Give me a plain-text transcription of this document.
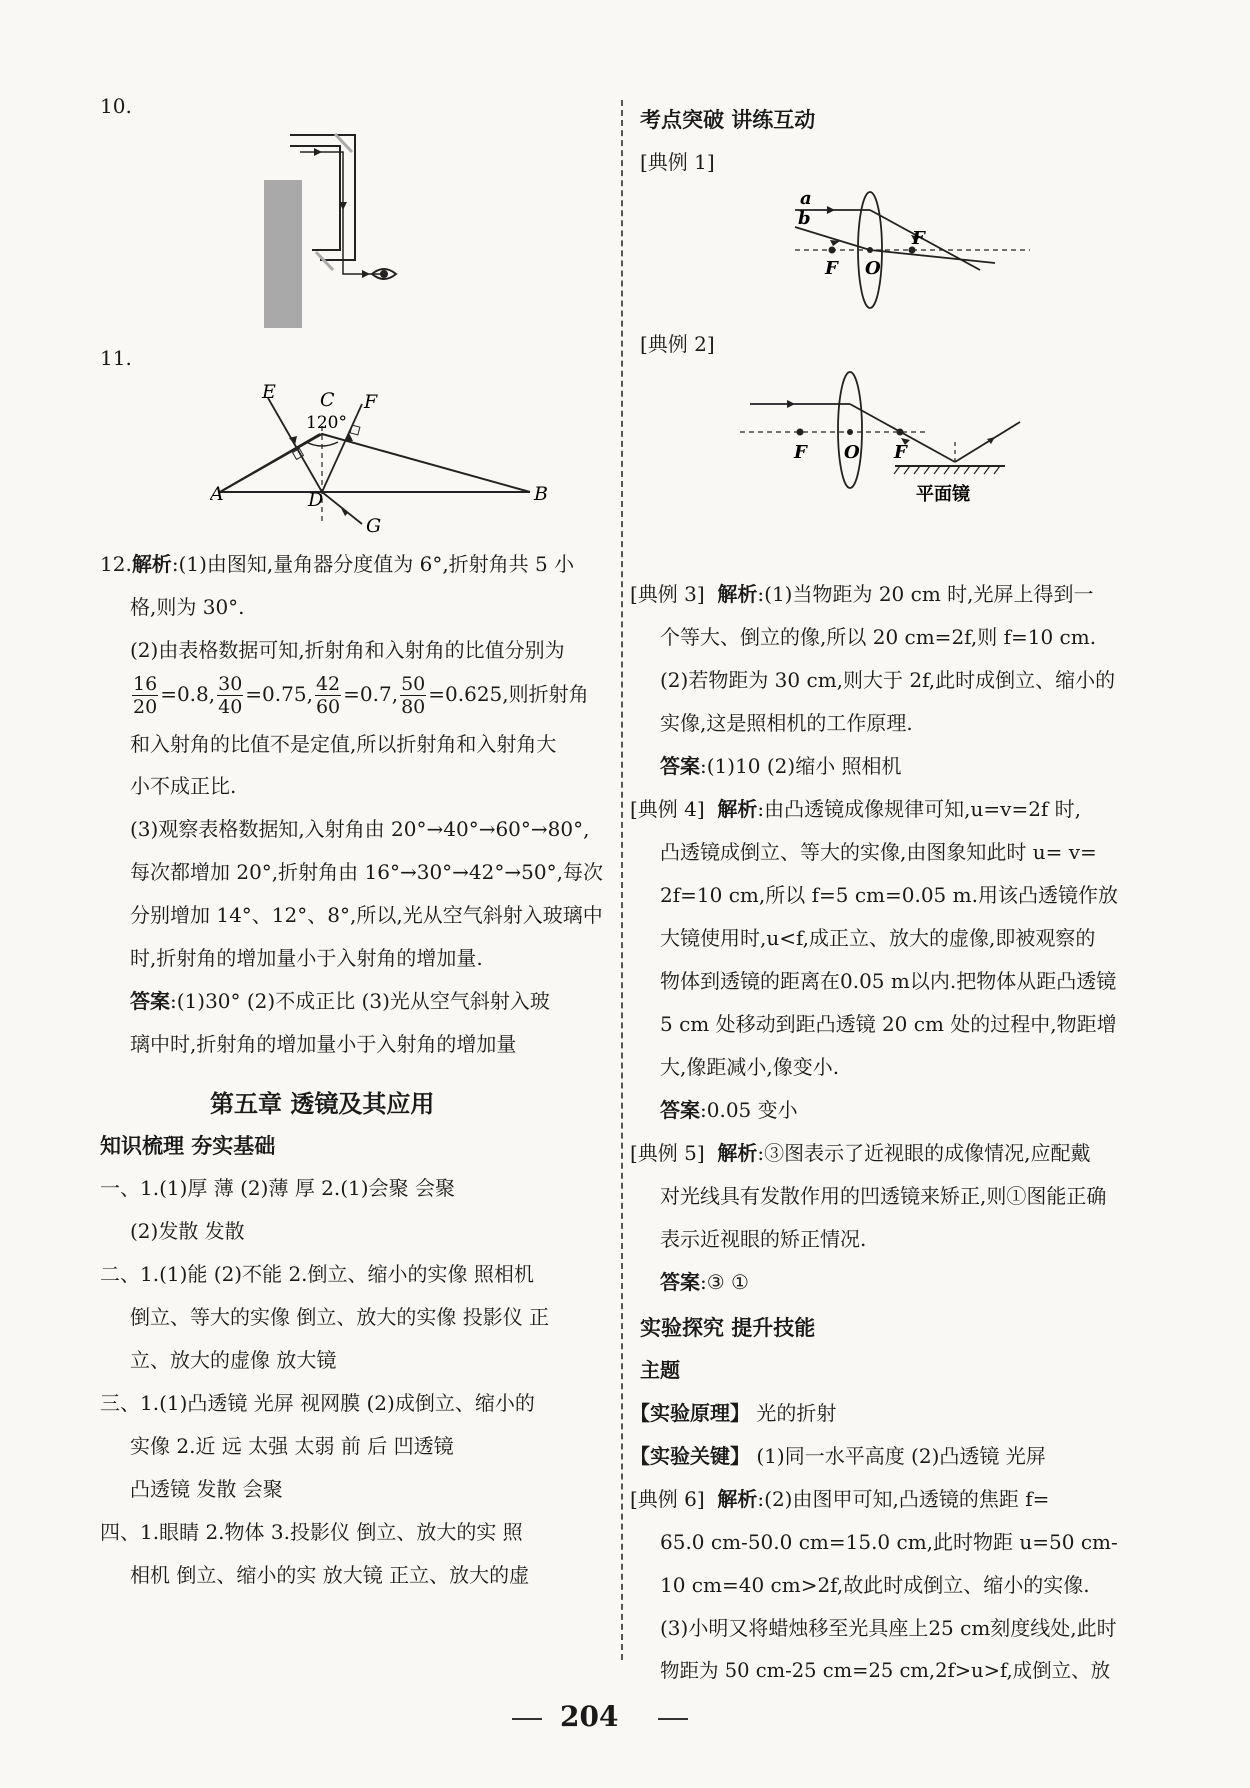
10.
11.
E C
120°
F
A	B
D
G
12.解析:(1)由图知,量角器分度值为 6°,折射角共 5 小
格,则为 30°.
(2)由表格数据可知,折射角和入射角的比值分别为
$\frac{16}{20} =0.8$, $\frac{30}{40} =0.75$, $\frac{42}{60} =0.7$, $\frac{50}{80} =0.625$,则折射角
和入射角的比值不是定值,所以折射角和入射角大
小不成正比.
(3)观察表格数据知,入射角由 20°→40°→60°→80°,
每次都增加 20°,折射角由 16°→30°→42°→50°,每次
分别增加 14°、12°、8°,所以,光从空气斜射入玻璃中
时,折射角的增加量小于入射角的增加量.
答案:(1)30° (2)不成正比 (3)光从空气斜射入玻
璃中时,折射角的增加量小于入射角的增加量
第五章 透镜及其应用
知识梳理 夯实基础
一、1.(1)厚 薄 (2)薄 厚 2.(1)会聚 会聚
(2)发散 发散
二、1.(1)能 (2)不能 2.倒立、缩小的实像 照相机
倒立、等大的实像 倒立、放大的实像 投影仪 正
立、放大的虚像 放大镜
三、1.(1)凸透镜 光屏 视网膜 (2)成倒立、缩小的
实像 2.近 远 太强 太弱 前 后 凹透镜
凸透镜 发散 会聚
四、1.眼睛 2.物体 3.投影仪 倒立、放大的实 照
相机 倒立、缩小的实 放大镜 正立、放大的虚
考点突破 讲练互动
[典例 1]
a
b
F O
F
[典例 2]
F O F
平面镜
[典例 3] 解析:(1)当物距为 20 cm 时,光屏上得到一
个等大、倒立的像,所以 20 cm=2f,则 f=10 cm.
(2)若物距为 30 cm,则大于 2f,此时成倒立、缩小的
实像,这是照相机的工作原理.
答案:(1)10 (2)缩小 照相机
[典例 4] 解析:由凸透镜成像规律可知,u=v=2f 时,
凸透镜成倒立、等大的实像,由图象知此时 u= v=
2f=10 cm,所以 f=5 cm=0.05 m.用该凸透镜作放
大镜使用时,u<f,成正立、放大的虚像,即被观察的
物体到透镜的距离在0.05 m以内.把物体从距凸透镜
5 cm 处移动到距凸透镜 20 cm 处的过程中,物距增
大,像距减小,像变小.
答案:0.05 变小
[典例 5] 解析:③图表示了近视眼的成像情况,应配戴
对光线具有发散作用的凹透镜来矫正,则①图能正确
表示近视眼的矫正情况.
答案:③ ①
实验探究 提升技能
主题
【实验原理】 光的折射
【实验关键】 (1)同一水平高度 (2)凸透镜 光屏
[典例 6] 解析:(2)由图甲可知,凸透镜的焦距 f=
65.0 cm-50.0 cm=15.0 cm,此时物距 u=50 cm-
10 cm=40 cm>2f,故此时成倒立、缩小的实像.
(3)小明又将蜡烛移至光具座上25 cm刻度线处,此时
物距为 50 cm-25 cm=25 cm,2f>u>f,成倒立、放
204
